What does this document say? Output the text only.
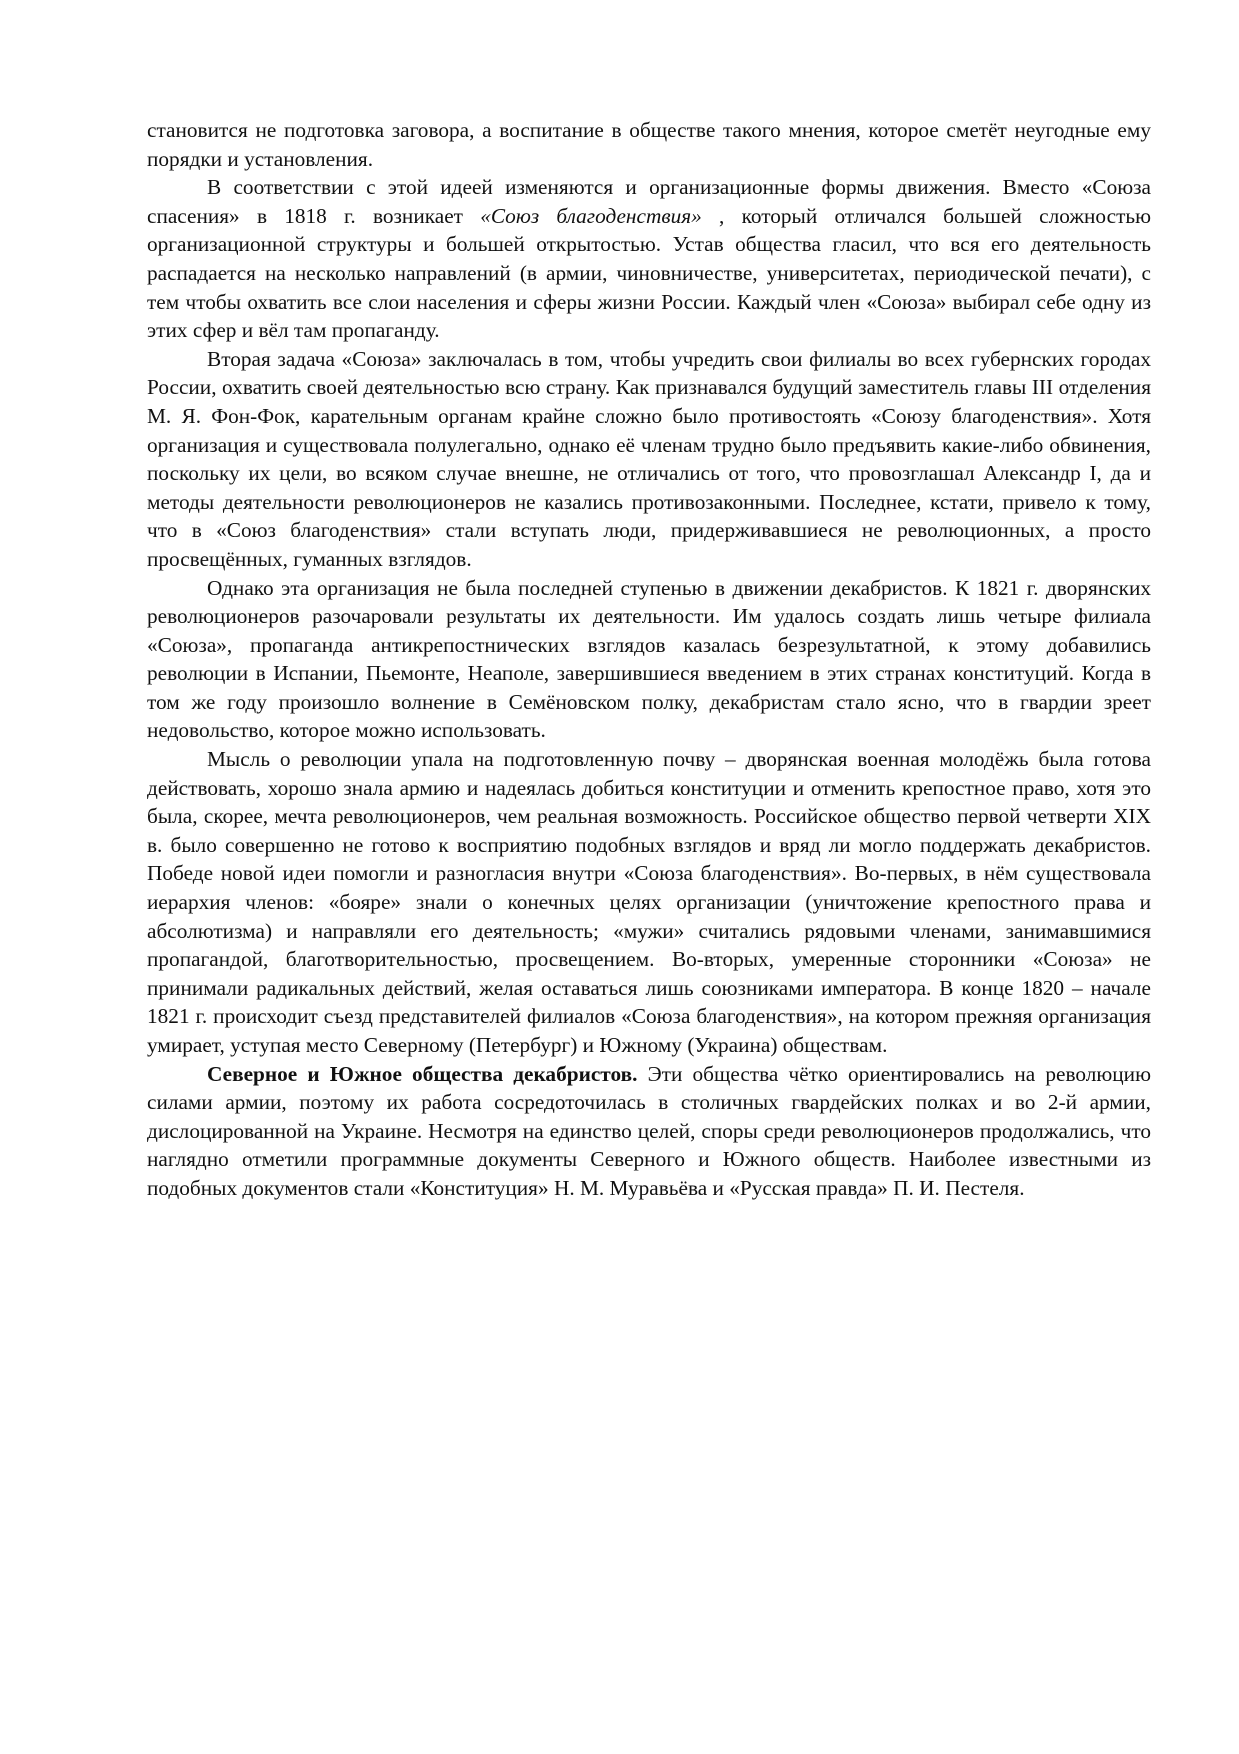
становится не подготовка заговора, а воспитание в обществе такого мнения, которое сметёт неугодные ему порядки и установления.

В соответствии с этой идеей изменяются и организационные формы движения. Вместо «Союза спасения» в 1818 г. возникает «Союз благоденствия» , который отличался большей сложностью организационной структуры и большей открытостью. Устав общества гласил, что вся его деятельность распадается на несколько направлений (в армии, чиновничестве, университетах, периодической печати), с тем чтобы охватить все слои населения и сферы жизни России. Каждый член «Союза» выбирал себе одну из этих сфер и вёл там пропаганду.

Вторая задача «Союза» заключалась в том, чтобы учредить свои филиалы во всех губернских городах России, охватить своей деятельностью всю страну. Как признавался будущий заместитель главы III отделения М. Я. Фон-Фок, карательным органам крайне сложно было противостоять «Союзу благоденствия». Хотя организация и существовала полулегально, однако её членам трудно было предъявить какие-либо обвинения, поскольку их цели, во всяком случае внешне, не отличались от того, что провозглашал Александр I, да и методы деятельности революционеров не казались противозаконными. Последнее, кстати, привело к тому, что в «Союз благоденствия» стали вступать люди, придерживавшиеся не революционных, а просто просвещённых, гуманных взглядов.

Однако эта организация не была последней ступенью в движении декабристов. К 1821 г. дворянских революционеров разочаровали результаты их деятельности. Им удалось создать лишь четыре филиала «Союза», пропаганда антикрепостнических взглядов казалась безрезультатной, к этому добавились революции в Испании, Пьемонте, Неаполе, завершившиеся введением в этих странах конституций. Когда в том же году произошло волнение в Семёновском полку, декабристам стало ясно, что в гвардии зреет недовольство, которое можно использовать.

Мысль о революции упала на подготовленную почву – дворянская военная молодёжь была готова действовать, хорошо знала армию и надеялась добиться конституции и отменить крепостное право, хотя это была, скорее, мечта революционеров, чем реальная возможность. Российское общество первой четверти XIX в. было совершенно не готово к восприятию подобных взглядов и вряд ли могло поддержать декабристов. Победе новой идеи помогли и разногласия внутри «Союза благоденствия». Во-первых, в нём существовала иерархия членов: «бояре» знали о конечных целях организации (уничтожение крепостного права и абсолютизма) и направляли его деятельность; «мужи» считались рядовыми членами, занимавшимися пропагандой, благотворительностью, просвещением. Во-вторых, умеренные сторонники «Союза» не принимали радикальных действий, желая оставаться лишь союзниками императора. В конце 1820 – начале 1821 г. происходит съезд представителей филиалов «Союза благоденствия», на котором прежняя организация умирает, уступая место Северному (Петербург) и Южному (Украина) обществам.

Северное и Южное общества декабристов. Эти общества чётко ориентировались на революцию силами армии, поэтому их работа сосредоточилась в столичных гвардейских полках и во 2-й армии, дислоцированной на Украине. Несмотря на единство целей, споры среди революционеров продолжались, что наглядно отметили программные документы Северного и Южного обществ. Наиболее известными из подобных документов стали «Конституция» Н. М. Муравьёва и «Русская правда» П. И. Пестеля.
